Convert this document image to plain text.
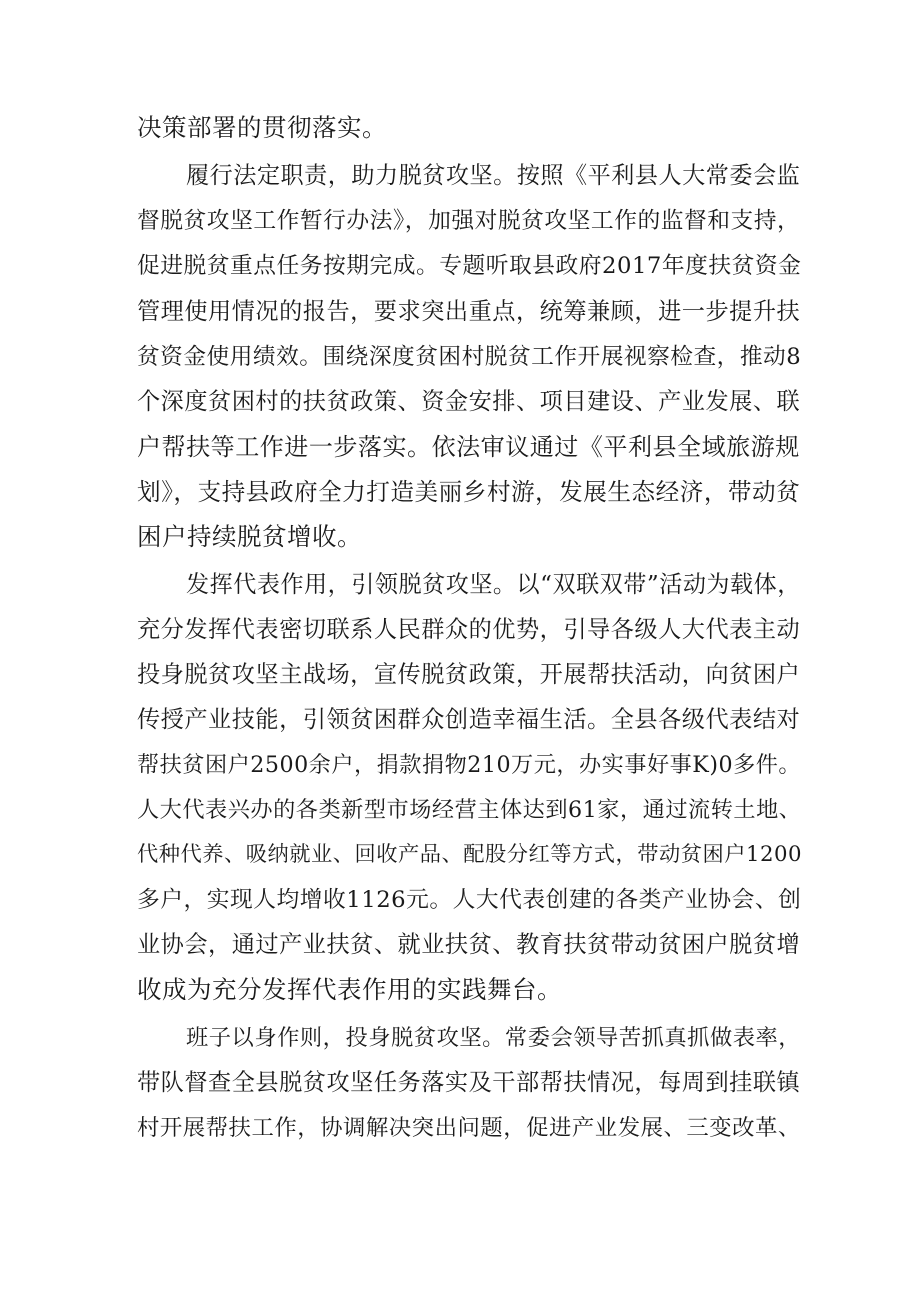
决策部署的贯彻落实。
履行法定职责，助力脱贫攻坚。按照《平利县人大常委会监
督脱贫攻坚工作暂行办法》，加强对脱贫攻坚工作的监督和支持，
促进脱贫重点任务按期完成。专题听取县政府2017年度扶贫资金
管理使用情况的报告，要求突出重点，统筹兼顾，进一步提升扶
贫资金使用绩效。围绕深度贫困村脱贫工作开展视察检查，推动8
个深度贫困村的扶贫政策、资金安排、项目建设、产业发展、联
户帮扶等工作进一步落实。依法审议通过《平利县全域旅游规
划》，支持县政府全力打造美丽乡村游，发展生态经济，带动贫
困户持续脱贫增收。
发挥代表作用，引领脱贫攻坚。以“双联双带”活动为载体，
充分发挥代表密切联系人民群众的优势，引导各级人大代表主动
投身脱贫攻坚主战场，宣传脱贫政策，开展帮扶活动，向贫困户
传授产业技能，引领贫困群众创造幸福生活。全县各级代表结对
帮扶贫困户2500余户，捐款捐物210万元，办实事好事K)0多件。
人大代表兴办的各类新型市场经营主体达到61家，通过流转土地、
代种代养、吸纳就业、回收产品、配股分红等方式，带动贫困户1200
多户，实现人均增收1126元。人大代表创建的各类产业协会、创
业协会，通过产业扶贫、就业扶贫、教育扶贫带动贫困户脱贫增
收成为充分发挥代表作用的实践舞台。
班子以身作则，投身脱贫攻坚。常委会领导苦抓真抓做表率，
带队督查全县脱贫攻坚任务落实及干部帮扶情况，每周到挂联镇
村开展帮扶工作，协调解决突出问题，促进产业发展、三变改革、
